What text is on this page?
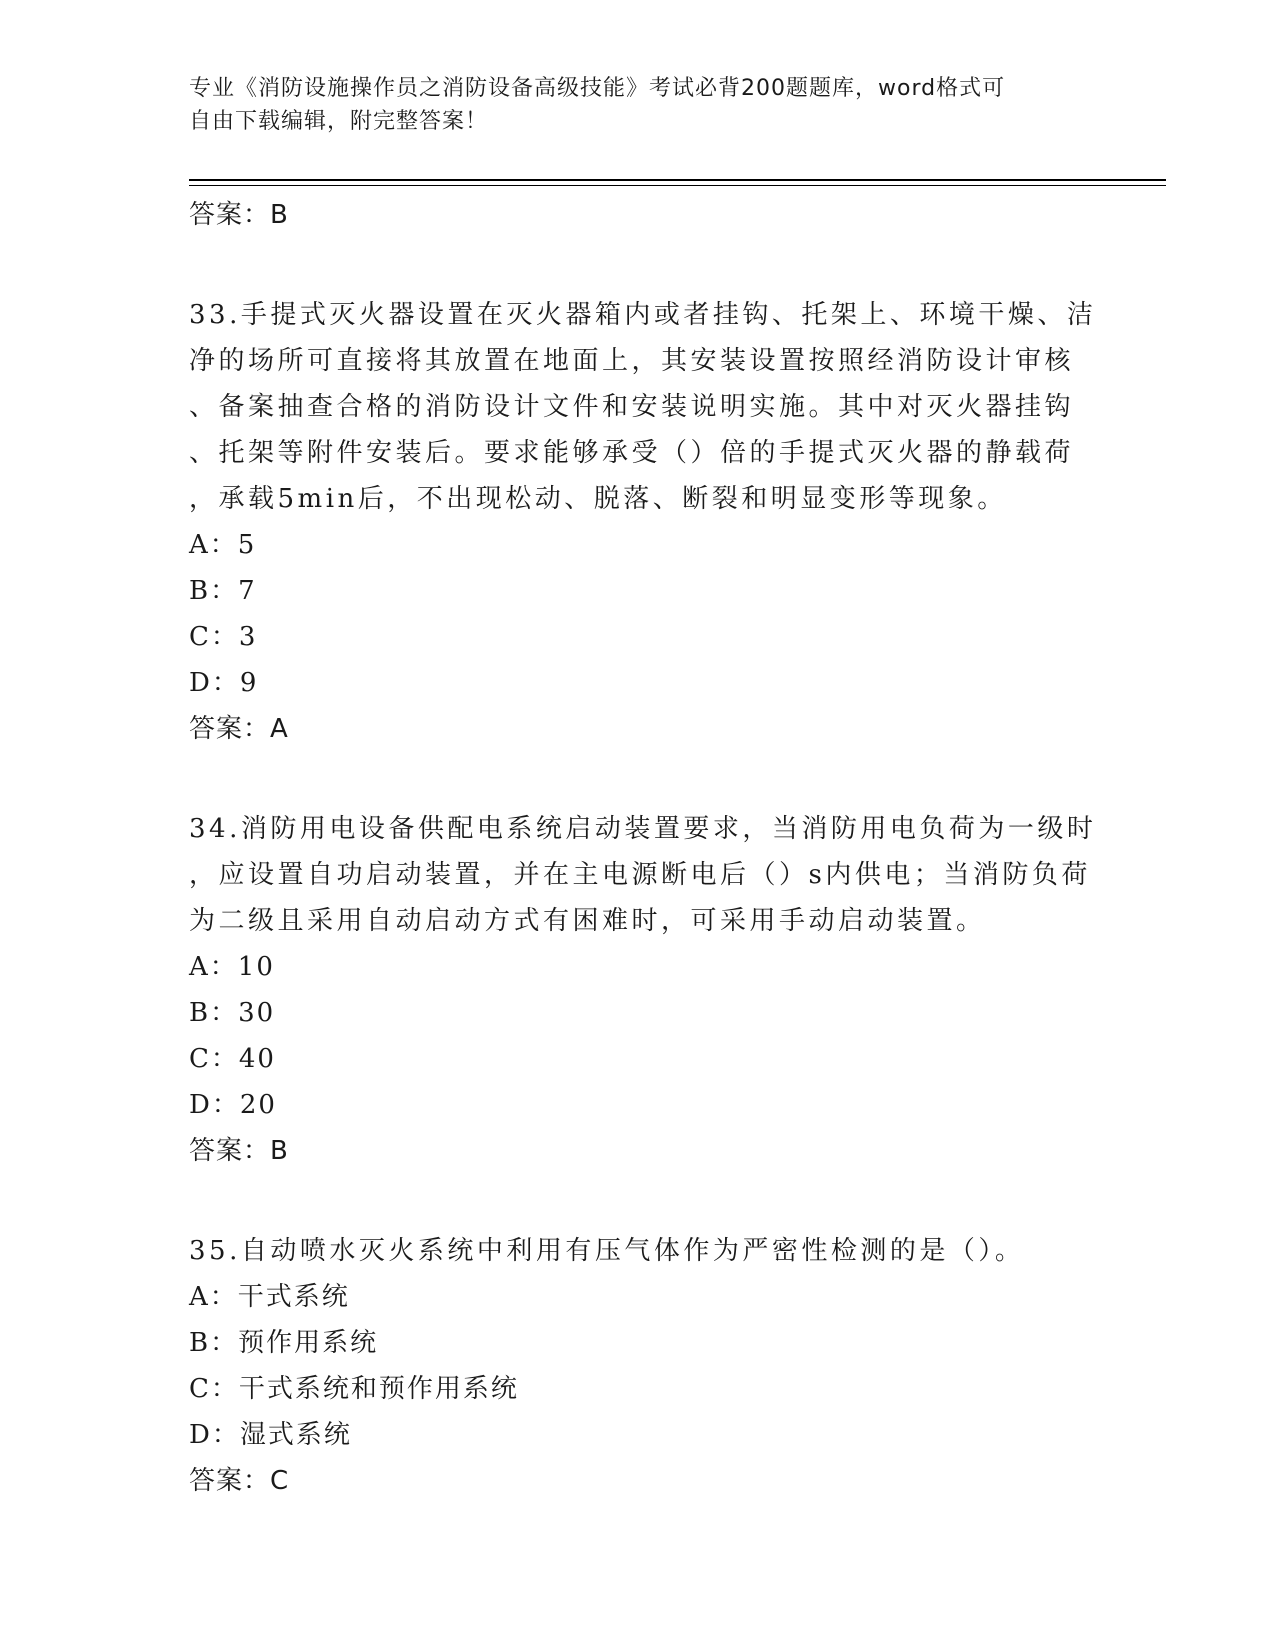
专业《消防设施操作员之消防设备高级技能》考试必背200题题库，word格式可
自由下载编辑，附完整答案！
答案：B
33.手提式灭火器设置在灭火器箱内或者挂钩、托架上、环境干燥、洁
净的场所可直接将其放置在地面上，其安装设置按照经消防设计审核
、备案抽查合格的消防设计文件和安装说明实施。其中对灭火器挂钩
、托架等附件安装后。要求能够承受（）倍的手提式灭火器的静载荷
，承载5min后，不出现松动、脱落、断裂和明显变形等现象。
A：5
B：7
C：3
D：9
答案：A
34.消防用电设备供配电系统启动装置要求，当消防用电负荷为一级时
，应设置自功启动装置，并在主电源断电后（）s内供电；当消防负荷
为二级且采用自动启动方式有困难时，可采用手动启动装置。
A：10
B：30
C：40
D：20
答案：B
35.自动喷水灭火系统中利用有压气体作为严密性检测的是（）。
A：干式系统
B：预作用系统
C：干式系统和预作用系统
D：湿式系统
答案：C
